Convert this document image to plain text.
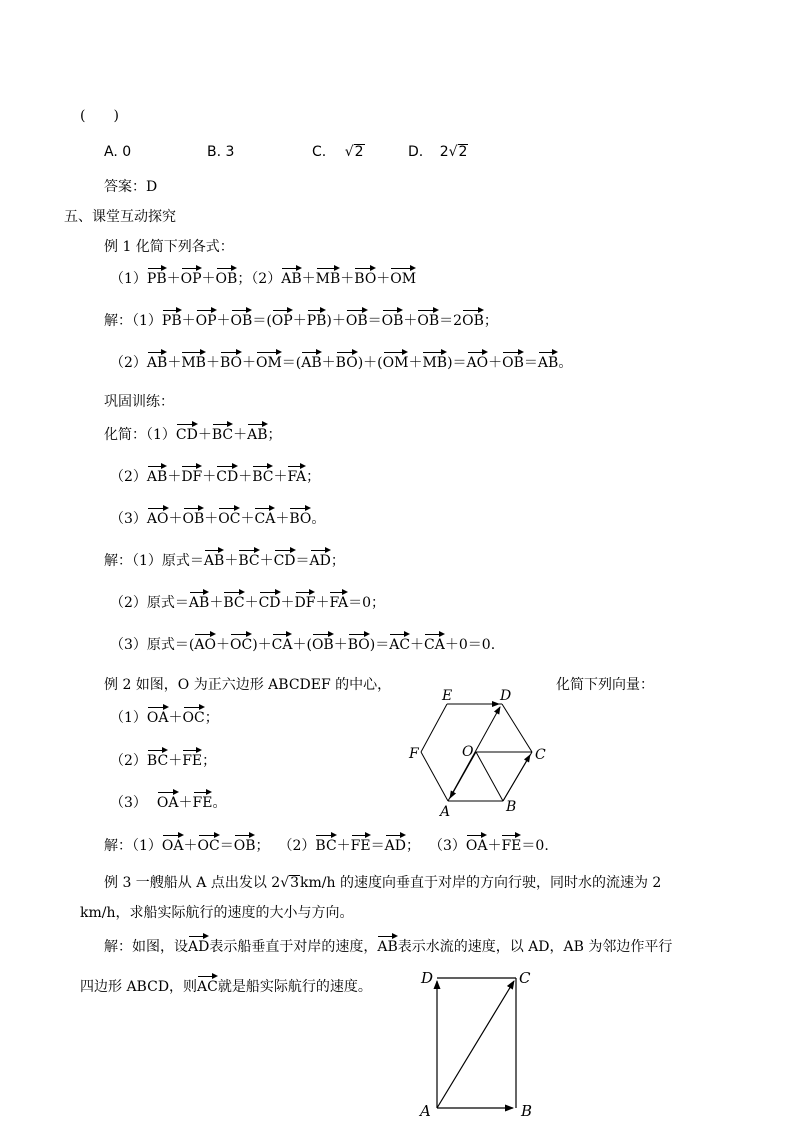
(　　)
A. 0	B. 3	C. √2	D. 2√2
答案：D
五、课堂互动探究
例 1 化简下列各式：
（1）PB＋OP＋OB；（2）AB＋MB＋BO＋OM
解：（1）PB＋OP＋OB＝(OP＋PB)＋OB＝OB＋OB＝2OB；
（2）AB＋MB＋BO＋OM＝(AB＋BO)＋(OM＋MB)＝AO＋OB＝AB。
巩固训练：
化简：（1）CD＋BC＋AB；
（2）AB＋DF＋CD＋BC＋FA；
（3）AO＋OB＋OC＋CA＋BO。
解：（1）原式＝AB＋BC＋CD＝AD；
（2）原式＝AB＋BC＋CD＋DF＋FA＝0；
（3）原式＝(AO＋OC)＋CA＋(OB＋BO)＝AC＋CA＋0＝0.
例 2 如图，O 为正六边形 ABCDEF 的中心，	化简下列向量：
（1）OA＋OC；
（2）BC＋FE；
（3） OA＋FE。
E	D
F	O	C
A	B
解：（1）OA＋OC＝OB； （2）BC＋FE＝AD； （3）OA＋FE＝0.
例 3 一艘船从 A 点出发以 2√3km/h 的速度向垂直于对岸的方向行驶，同时水的流速为 2
km/h，求船实际航行的速度的大小与方向。
解：如图，设AD表示船垂直于对岸的速度，AB表示水流的速度，以 AD，AB 为邻边作平行
四边形 ABCD，则AC就是船实际航行的速度。	D	C
A	B
